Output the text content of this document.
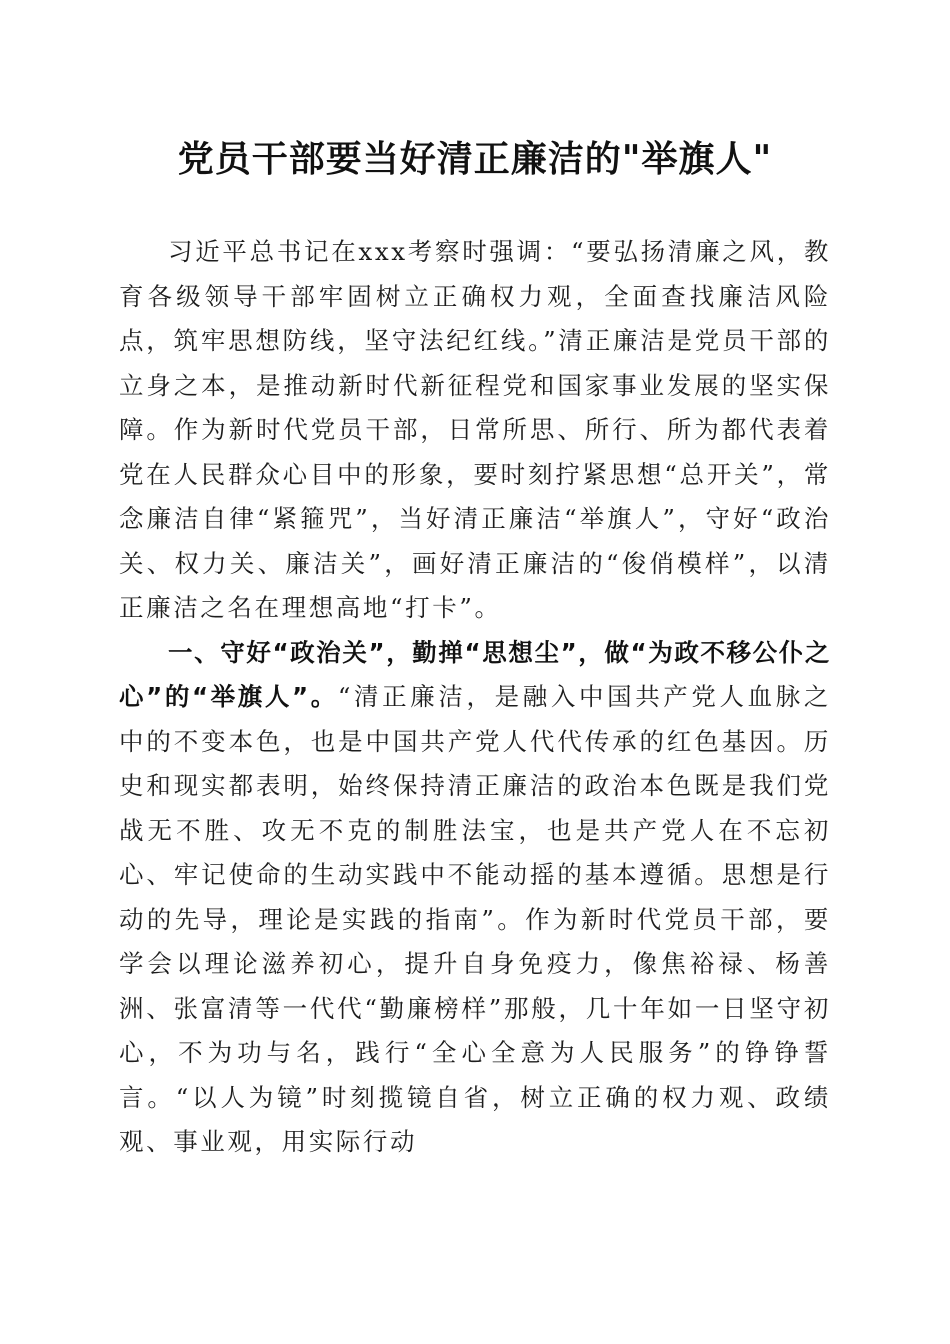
党员干部要当好清正廉洁的"举旗人"

习近平总书记在xxx考察时强调：“要弘扬清廉之风，教育各级领导干部牢固树立正确权力观，全面查找廉洁风险点，筑牢思想防线，坚守法纪红线。”清正廉洁是党员干部的立身之本，是推动新时代新征程党和国家事业发展的坚实保障。作为新时代党员干部，日常所思、所行、所为都代表着党在人民群众心目中的形象，要时刻拧紧思想“总开关”，常念廉洁自律“紧箍咒”，当好清正廉洁“举旗人”，守好“政治关、权力关、廉洁关”，画好清正廉洁的“俊俏模样”，以清正廉洁之名在理想高地“打卡”。

一、守好“政治关”，勤掸“思想尘”，做“为政不移公仆之心”的“举旗人”。“清正廉洁，是融入中国共产党人血脉之中的不变本色，也是中国共产党人代代传承的红色基因。历史和现实都表明，始终保持清正廉洁的政治本色既是我们党战无不胜、攻无不克的制胜法宝，也是共产党人在不忘初心、牢记使命的生动实践中不能动摇的基本遵循。思想是行动的先导，理论是实践的指南”。作为新时代党员干部，要学会以理论滋养初心，提升自身免疫力，像焦裕禄、杨善洲、张富清等一代代“勤廉榜样”那般，几十年如一日坚守初心，不为功与名，践行“全心全意为人民服务”的铮铮誓言。“以人为镜”时刻揽镜自省，树立正确的权力观、政绩观、事业观，用实际行动
